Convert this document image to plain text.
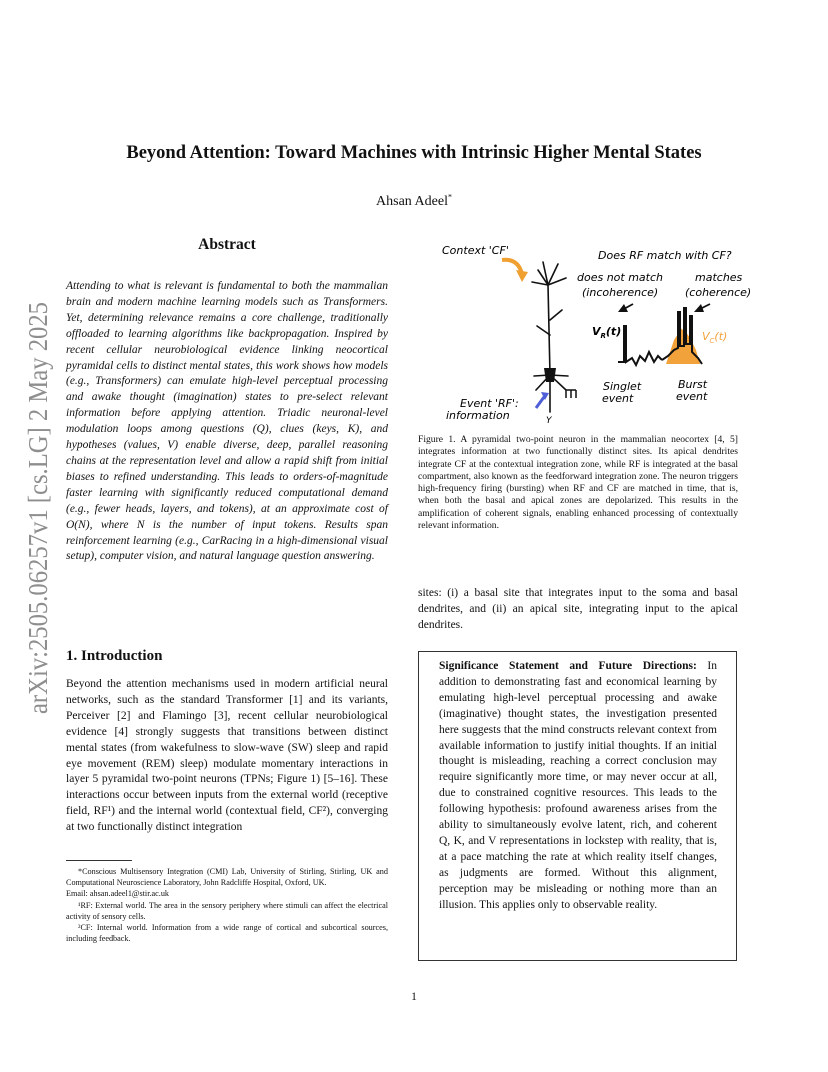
arXiv:2505.06257v1 [cs.LG] 2 May 2025
Beyond Attention: Toward Machines with Intrinsic Higher Mental States
Ahsan Adeel*
Abstract
Attending to what is relevant is fundamental to both the mammalian brain and modern machine learning models such as Transformers. Yet, determining relevance remains a core challenge, traditionally offloaded to learning algorithms like backpropagation. Inspired by recent cellular neurobiological evidence linking neocortical pyramidal cells to distinct mental states, this work shows how models (e.g., Transformers) can emulate high-level perceptual processing and awake thought (imagination) states to pre-select relevant information before applying attention. Triadic neuronal-level modulation loops among questions (Q), clues (keys, K), and hypotheses (values, V) enable diverse, deep, parallel reasoning chains at the representation level and allow a rapid shift from initial biases to refined understanding. This leads to orders-of-magnitude faster learning with significantly reduced computational demand (e.g., fewer heads, layers, and tokens), at an approximate cost of O(N), where N is the number of input tokens. Results span reinforcement learning (e.g., CarRacing in a high-dimensional visual setup), computer vision, and natural language question answering.
1. Introduction
Beyond the attention mechanisms used in modern artificial neural networks, such as the standard Transformer [1] and its variants, Perceiver [2] and Flamingo [3], recent cellular neurobiological evidence [4] strongly suggests that transitions between distinct mental states (from wakefulness to slow-wave (SW) sleep and rapid eye movement (REM) sleep) modulate momentary interactions in layer 5 pyramidal two-point neurons (TPNs; Figure 1) [5–16]. These interactions occur between inputs from the external world (receptive field, RF¹) and the internal world (contextual field, CF²), converging at two functionally distinct integration

*Conscious Multisensory Integration (CMI) Lab, University of Stirling, Stirling, UK and Computational Neuroscience Laboratory, John Radcliffe Hospital, Oxford, UK.

Email: ahsan.adeel1@stir.ac.uk

¹RF: External world. The area in the sensory periphery where stimuli can affect the electrical activity of sensory cells.

²CF: Internal world. Information from a wide range of cortical and subcortical sources, including feedback.

Context 'CF'	Does RF match with CF?
does not match
(incoherence)
matches
(coherence)
Y
Event 'RF':
information
$V_R(t)$	$V_C(t)$
Singlet
event
Burst
event
Figure 1. A pyramidal two-point neuron in the mammalian neocortex [4, 5] integrates information at two functionally distinct sites. Its apical dendrites integrate CF at the contextual integration zone, while RF is integrated at the basal compartment, also known as the feedforward integration zone. The neuron triggers high-frequency firing (bursting) when RF and CF are matched in time, that is, when both the basal and apical zones are depolarized. This results in the amplification of coherent signals, enabling enhanced processing of contextually relevant information.
sites: (i) a basal site that integrates input to the soma and basal dendrites, and (ii) an apical site, integrating input to the apical dendrites.
Significance Statement and Future Directions: In addition to demonstrating fast and economical learning by emulating high-level perceptual processing and awake (imaginative) thought states, the investigation presented here suggests that the mind constructs relevant context from available information to justify initial thoughts. If an initial thought is misleading, reaching a correct conclusion may require significantly more time, or may never occur at all, due to constrained cognitive resources. This leads to the following hypothesis: profound awareness arises from the ability to simultaneously evolve latent, rich, and coherent Q, K, and V representations in lockstep with reality, that is, at a pace matching the rate at which reality itself changes, as judgments are formed. Without this alignment, perception may be misleading or nothing more than an illusion. This applies only to observable reality.
1
